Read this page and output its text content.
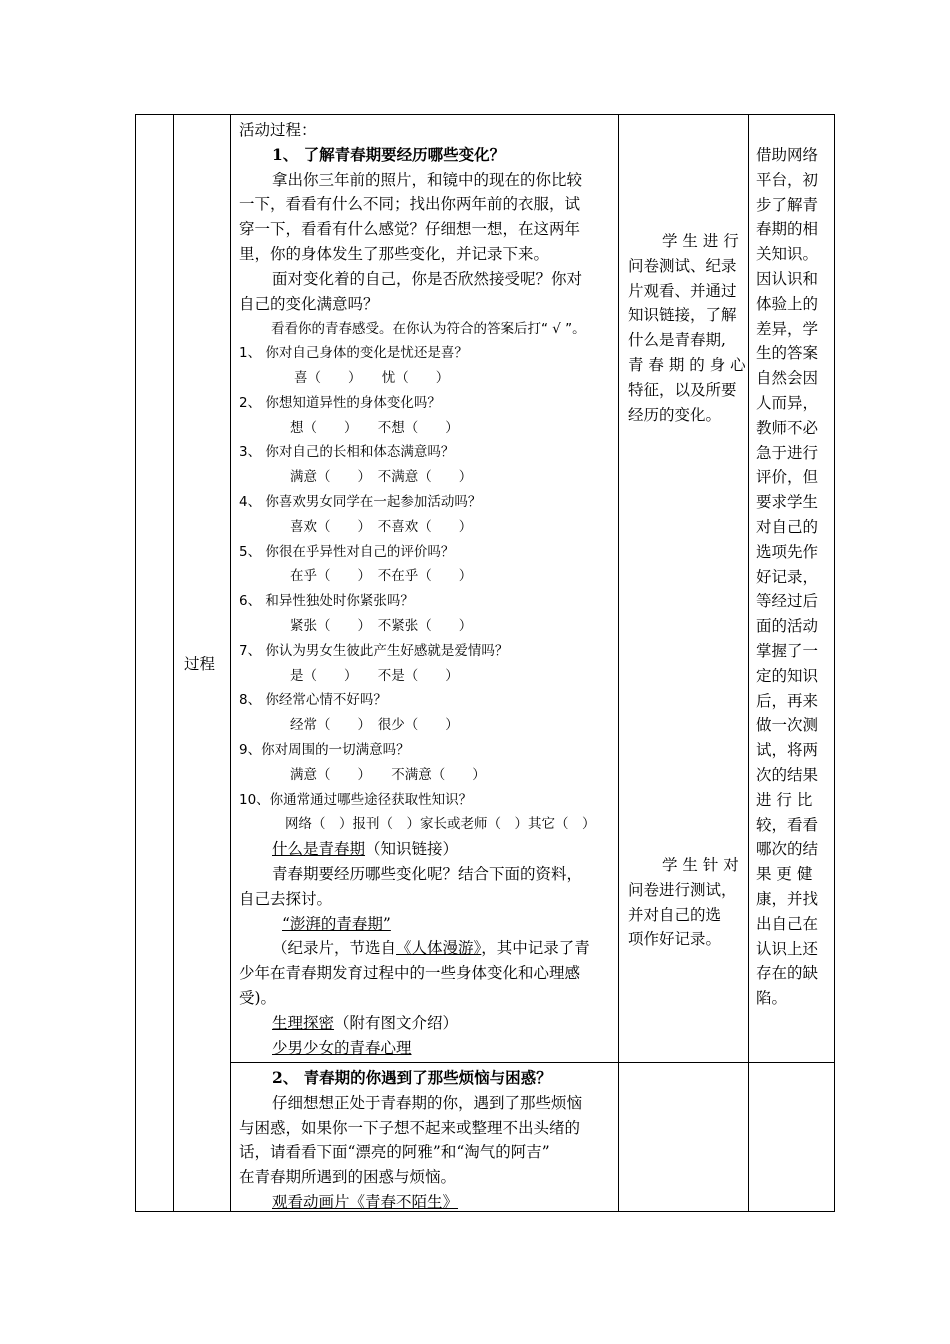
过程
学 生 进 行
问卷测试、纪录
片观看、并通过
知识链接，了解
什么是青春期,
青 春 期 的 身 心
特征，以及所要
经历的变化。
学 生 针 对
问卷进行测试，
并对自己的选
项作好记录。
借助网络
平台，初
步了解青
春期的相
关知识。
因认识和
体验上的
差异，学
生的答案
自然会因
人而异，
教师不必
急于进行
评价，但
要求学生
对自己的
选项先作
好记录，
等经过后
面的活动
掌握了一
定的知识
后，再来
做一次测
试，将两
次的结果
进 行 比
较，看看
哪次的结
果 更 健
康，并找
出自己在
认识上还
存在的缺
陷。
活动过程：
1、 了解青春期要经历哪些变化？
拿出你三年前的照片，和镜中的现在的你比较
一下，看看有什么不同；找出你两年前的衣服，试
穿一下，看看有什么感觉？仔细想一想，在这两年
里，你的身体发生了那些变化，并记录下来。
面对变化着的自己，你是否欣然接受呢？你对
自己的变化满意吗？
看看你的青春感受。在你认为符合的答案后打“ √ ”。
1、 你对自己身体的变化是忧还是喜？
喜（　　）　　忧（　　）
2、 你想知道异性的身体变化吗？
想（　　）　　不想（　　）
3、 你对自己的长相和体态满意吗？
满意（　　）　不满意（　　）
4、 你喜欢男女同学在一起参加活动吗？
喜欢（　　）　不喜欢（　　）
5、 你很在乎异性对自己的评价吗？
在乎（　　）　不在乎（　　）
6、 和异性独处时你紧张吗？
紧张（　　）　不紧张（　　）
7、 你认为男女生彼此产生好感就是爱情吗？
是（　　）　　不是（　　）
8、 你经常心情不好吗？
经常（　　）　很少（　　）
9、你对周围的一切满意吗？
满意（　　）　　不满意（　　）
10、你通常通过哪些途径获取性知识？
网络（　）报刊（　）家长或老师（　）其它（　）
什么是青春期（知识链接）
青春期要经历哪些变化呢？结合下面的资料，
自己去探讨。
“澎湃的青春期”
（纪录片，节选自《人体漫游》，其中记录了青
少年在青春期发育过程中的一些身体变化和心理感
受)。
生理探密（附有图文介绍）
少男少女的青春心理
2、 青春期的你遇到了那些烦恼与困惑？
仔细想想正处于青春期的你，遇到了那些烦恼
与困惑，如果你一下子想不起来或整理不出头绪的
话，请看看下面“漂亮的阿雅”和“淘气的阿吉”
在青春期所遇到的困惑与烦恼。
观看动画片《青春不陌生》
